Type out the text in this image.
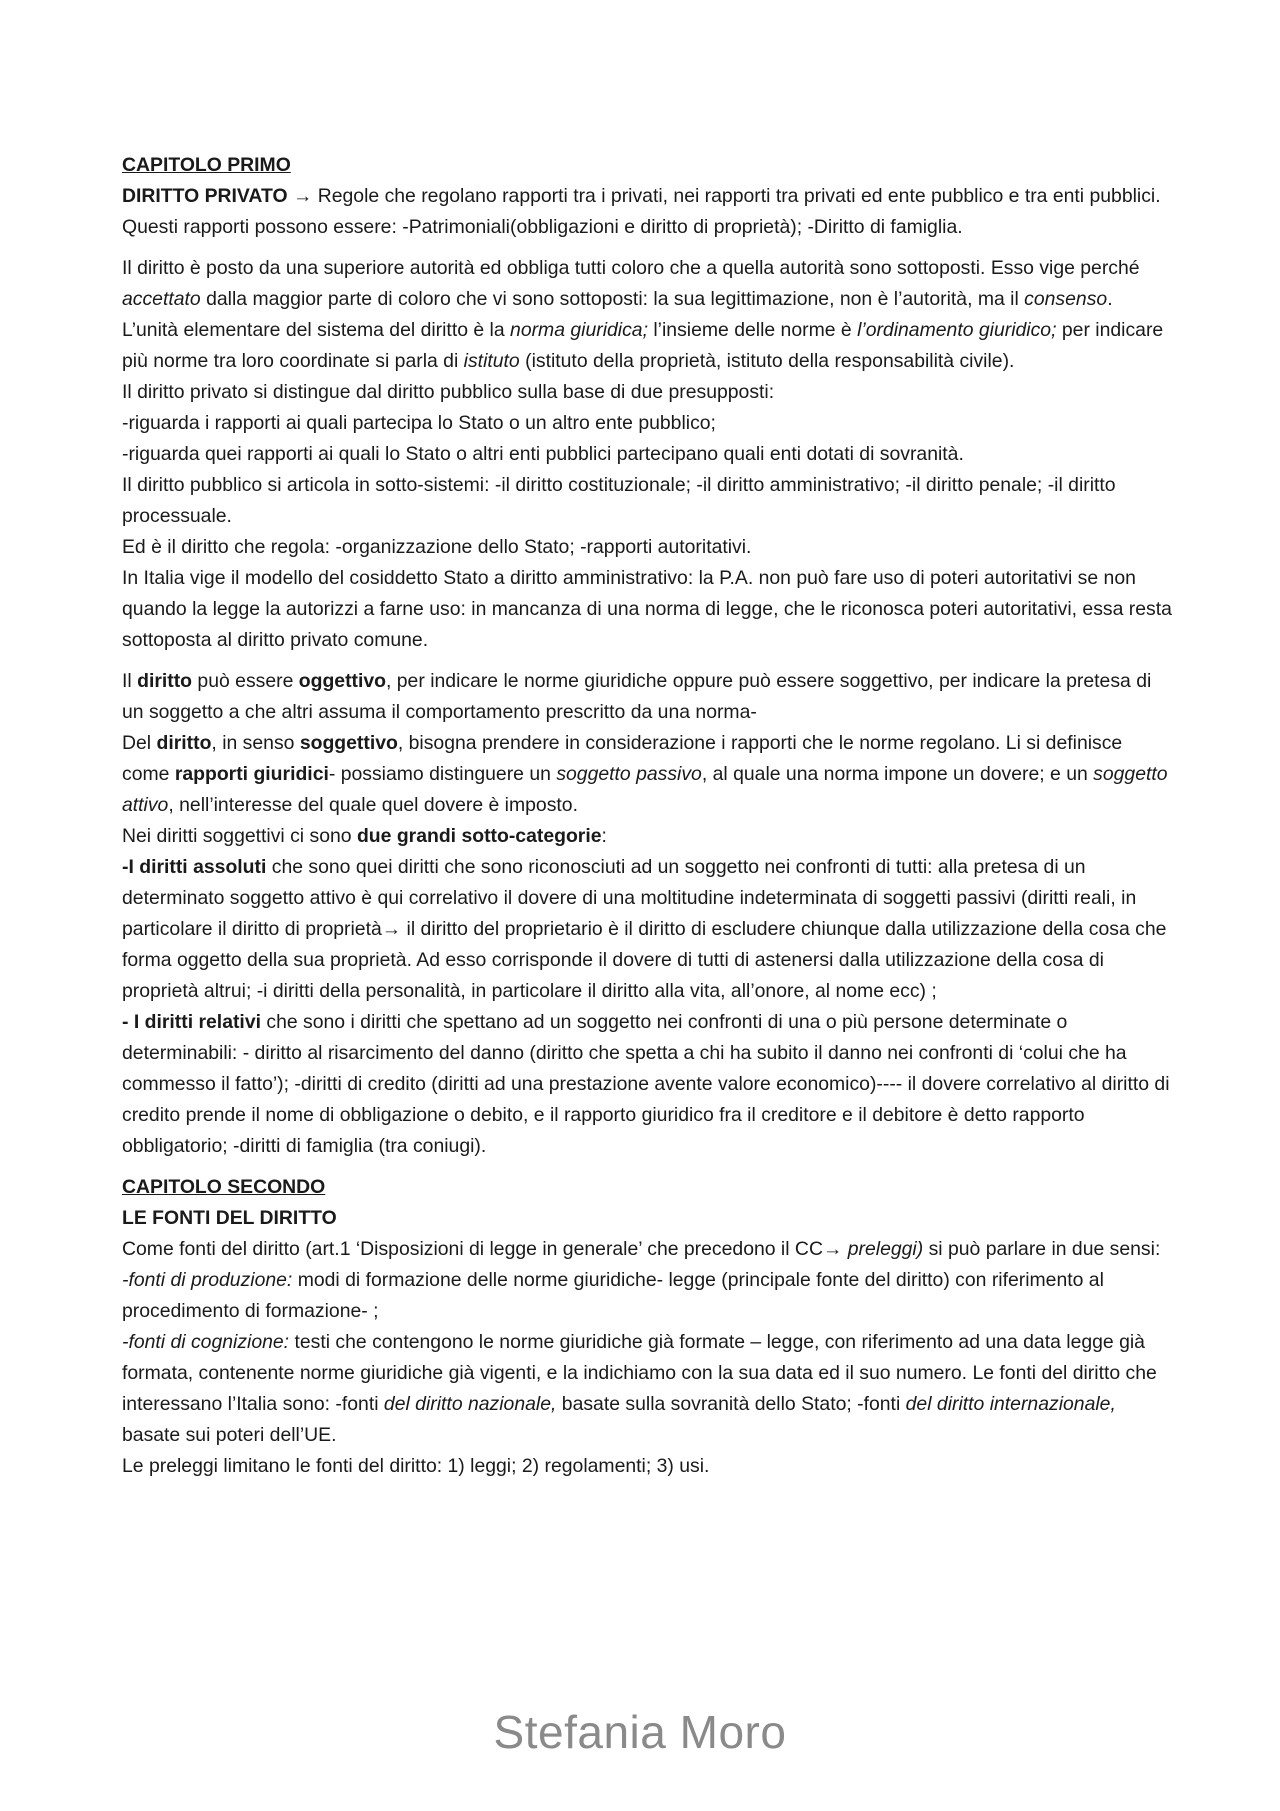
CAPITOLO PRIMO

DIRITTO PRIVATO → Regole che regolano rapporti tra i privati, nei rapporti tra privati ed ente pubblico e tra enti pubblici.

Questi rapporti possono essere: -Patrimoniali(obbligazioni e diritto di proprietà); -Diritto di famiglia.

Il diritto è posto da una superiore autorità ed obbliga tutti coloro che a quella autorità sono sottoposti. Esso vige perché accettato dalla maggior parte di coloro che vi sono sottoposti: la sua legittimazione, non è l’autorità, ma il consenso.

L’unità elementare del sistema del diritto è la norma giuridica; l’insieme delle norme è l’ordinamento giuridico; per indicare più norme tra loro coordinate si parla di istituto (istituto della proprietà, istituto della responsabilità civile).

Il diritto privato si distingue dal diritto pubblico sulla base di due presupposti:

-riguarda i rapporti ai quali partecipa lo Stato o un altro ente pubblico;

-riguarda quei rapporti ai quali lo Stato o altri enti pubblici partecipano quali enti dotati di sovranità.

Il diritto pubblico si articola in sotto-sistemi: -il diritto costituzionale; -il diritto amministrativo; -il diritto penale; -il diritto processuale.

Ed è il diritto che regola: -organizzazione dello Stato; -rapporti autoritativi.

In Italia vige il modello del cosiddetto Stato a diritto amministrativo: la P.A. non può fare uso di poteri autoritativi se non quando la legge la autorizzi a farne uso: in mancanza di una norma di legge, che le riconosca poteri autoritativi, essa resta sottoposta al diritto privato comune.

Il diritto può essere oggettivo, per indicare le norme giuridiche oppure può essere soggettivo, per indicare la pretesa di un soggetto a che altri assuma il comportamento prescritto da una norma-

Del diritto, in senso soggettivo, bisogna prendere in considerazione i rapporti che le norme regolano. Li si definisce come rapporti giuridici- possiamo distinguere un soggetto passivo, al quale una norma impone un dovere; e un soggetto attivo, nell’interesse del quale quel dovere è imposto.

Nei diritti soggettivi ci sono due grandi sotto-categorie:

-I diritti assoluti che sono quei diritti che sono riconosciuti ad un soggetto nei confronti di tutti: alla pretesa di un determinato soggetto attivo è qui correlativo il dovere di una moltitudine indeterminata di soggetti passivi (diritti reali, in particolare il diritto di proprietà→ il diritto del proprietario è il diritto di escludere chiunque dalla utilizzazione della cosa che forma oggetto della sua proprietà. Ad esso corrisponde il dovere di tutti di astenersi dalla utilizzazione della cosa di proprietà altrui; -i diritti della personalità, in particolare il diritto alla vita, all’onore, al nome ecc) ;

- I diritti relativi che sono i diritti che spettano ad un soggetto nei confronti di una o più persone determinate o determinabili: - diritto al risarcimento del danno (diritto che spetta a chi ha subito il danno nei confronti di ‘colui che ha commesso il fatto’); -diritti di credito (diritti ad una prestazione avente valore economico)---- il dovere correlativo al diritto di credito prende il nome di obbligazione o debito, e il rapporto giuridico fra il creditore e il debitore è detto rapporto obbligatorio; -diritti di famiglia (tra coniugi).

CAPITOLO SECONDO

LE FONTI DEL DIRITTO

Come fonti del diritto (art.1 ‘Disposizioni di legge in generale’ che precedono il CC→ preleggi) si può parlare in due sensi: -fonti di produzione: modi di formazione delle norme giuridiche- legge (principale fonte del diritto) con riferimento al procedimento di formazione- ;

-fonti di cognizione: testi che contengono le norme giuridiche già formate – legge, con riferimento ad una data legge già formata, contenente norme giuridiche già vigenti, e la indichiamo con la sua data ed il suo numero. Le fonti del diritto che interessano l’Italia sono: -fonti del diritto nazionale, basate sulla sovranità dello Stato; -fonti del diritto internazionale, basate sui poteri dell’UE.

Le preleggi limitano le fonti del diritto: 1) leggi; 2) regolamenti; 3) usi.

Stefania Moro
